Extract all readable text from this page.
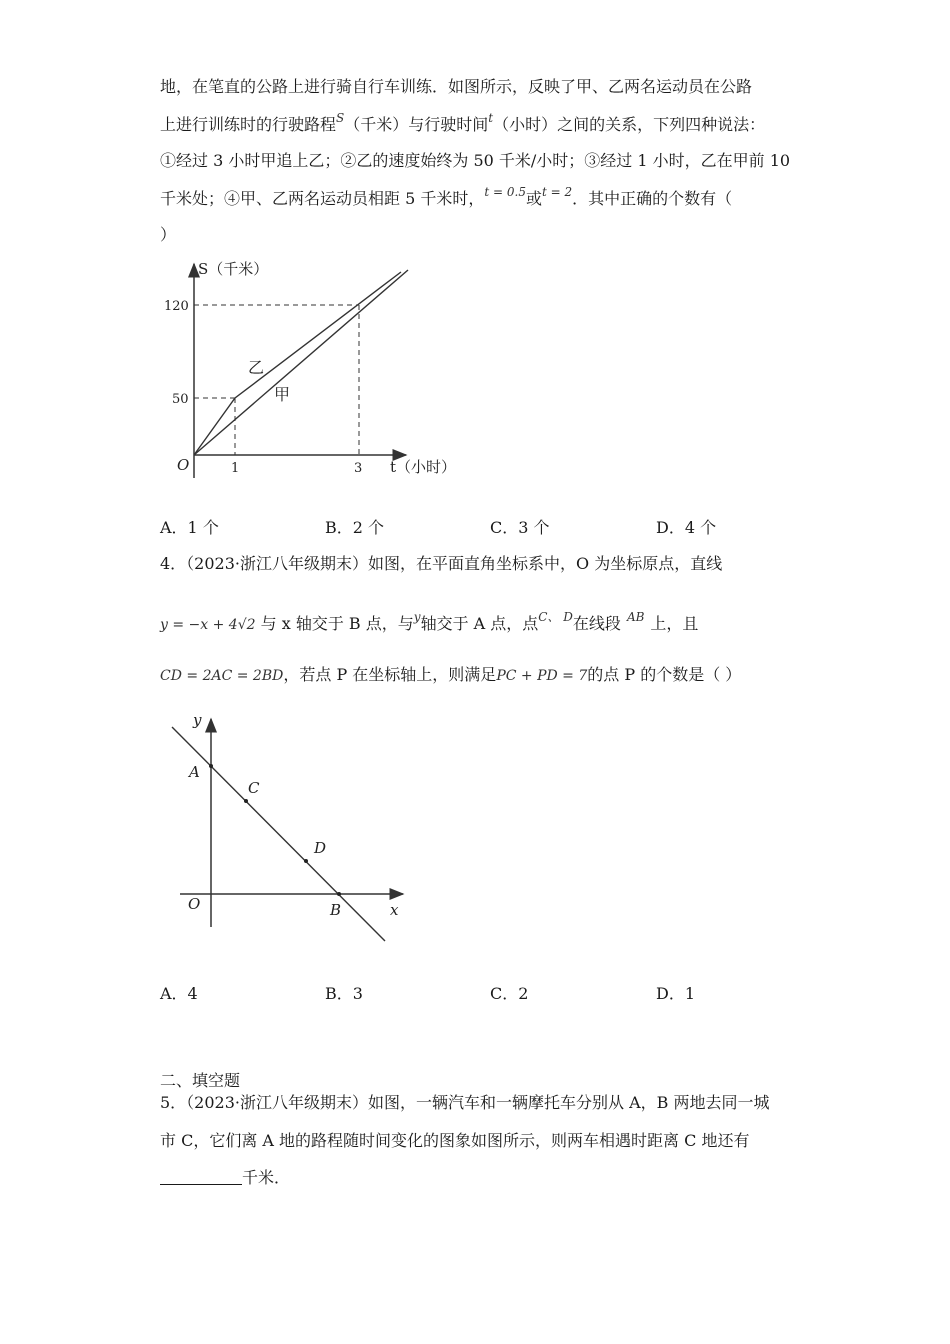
地，在笔直的公路上进行骑自行车训练．如图所示，反映了甲、乙两名运动员在公路
上进行训练时的行驶路程$^S$（千米）与行驶时间$^t$（小时）之间的关系，下列四种说法：
①经过 3 小时甲追上乙；②乙的速度始终为 50 千米/小时；③经过 1 小时，乙在甲前 10
千米处；④甲、乙两名运动员相距 5 千米时，$^{t = 0.5}$或$^{t = 2}$．其中正确的个数有（
）
S（千米）
t（小时）
O
120
50
1	3
乙
甲
A．1 个	B．2 个	C．3 个	D．4 个
4．（2023·浙江八年级期末）如图，在平面直角坐标系中，O 为坐标原点，直线
y = −x + 4√2 与 x 轴交于 B 点，与$^y$轴交于 A 点，点$^{C、 D}$在线段 $^{AB}$ 上，且
CD = 2AC = 2BD，若点 P 在坐标轴上，则满足PC + PD = 7的点 P 的个数是（ ）
y
x
O
A
C
D
B
A．4	B．3	C．2	D．1
二、填空题
5．（2023·浙江八年级期末）如图，一辆汽车和一辆摩托车分别从 A，B 两地去同一城
市 C，它们离 A 地的路程随时间变化的图象如图所示，则两车相遇时距离 C 地还有
千米．
